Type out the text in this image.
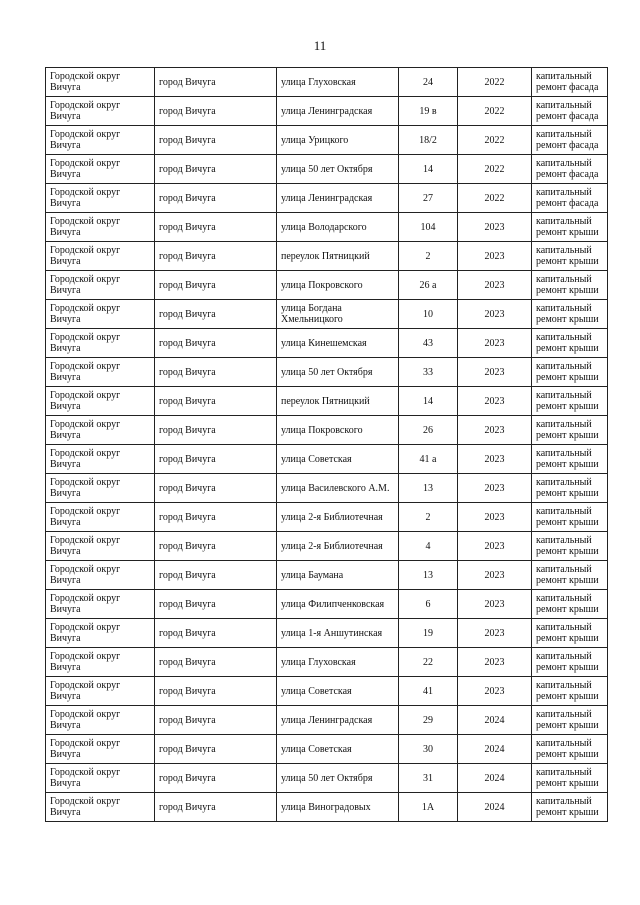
11
Городской округ Вичуга	город Вичуга	улица Глуховская	24	2022	капитальный ремонт фасада
Городской округ Вичуга	город Вичуга	улица Ленинградская	19 в	2022	капитальный ремонт фасада
Городской округ Вичуга	город Вичуга	улица Урицкого	18/2	2022	капитальный ремонт фасада
Городской округ Вичуга	город Вичуга	улица 50 лет Октября	14	2022	капитальный ремонт фасада
Городской округ Вичуга	город Вичуга	улица Ленинградская	27	2022	капитальный ремонт фасада
Городской округ Вичуга	город Вичуга	улица Володарского	104	2023	капитальный ремонт крыши
Городской округ Вичуга	город Вичуга	переулок Пятницкий	2	2023	капитальный ремонт крыши
Городской округ Вичуга	город Вичуга	улица Покровского	26 а	2023	капитальный ремонт крыши
Городской округ Вичуга	город Вичуга	улица Богдана Хмельницкого	10	2023	капитальный ремонт крыши
Городской округ Вичуга	город Вичуга	улица Кинешемская	43	2023	капитальный ремонт крыши
Городской округ Вичуга	город Вичуга	улица 50 лет Октября	33	2023	капитальный ремонт крыши
Городской округ Вичуга	город Вичуга	переулок Пятницкий	14	2023	капитальный ремонт крыши
Городской округ Вичуга	город Вичуга	улица Покровского	26	2023	капитальный ремонт крыши
Городской округ Вичуга	город Вичуга	улица Советская	41 а	2023	капитальный ремонт крыши
Городской округ Вичуга	город Вичуга	улица Василевского А.М.	13	2023	капитальный ремонт крыши
Городской округ Вичуга	город Вичуга	улица 2-я Библиотечная	2	2023	капитальный ремонт крыши
Городской округ Вичуга	город Вичуга	улица 2-я Библиотечная	4	2023	капитальный ремонт крыши
Городской округ Вичуга	город Вичуга	улица Баумана	13	2023	капитальный ремонт крыши
Городской округ Вичуга	город Вичуга	улица Филипченковская	6	2023	капитальный ремонт крыши
Городской округ Вичуга	город Вичуга	улица 1-я Аншутинская	19	2023	капитальный ремонт крыши
Городской округ Вичуга	город Вичуга	улица Глуховская	22	2023	капитальный ремонт крыши
Городской округ Вичуга	город Вичуга	улица Советская	41	2023	капитальный ремонт крыши
Городской округ Вичуга	город Вичуга	улица Ленинградская	29	2024	капитальный ремонт крыши
Городской округ Вичуга	город Вичуга	улица Советская	30	2024	капитальный ремонт крыши
Городской округ Вичуга	город Вичуга	улица 50 лет Октября	31	2024	капитальный ремонт крыши
Городской округ Вичуга	город Вичуга	улица Виноградовых	1А	2024	капитальный ремонт крыши
